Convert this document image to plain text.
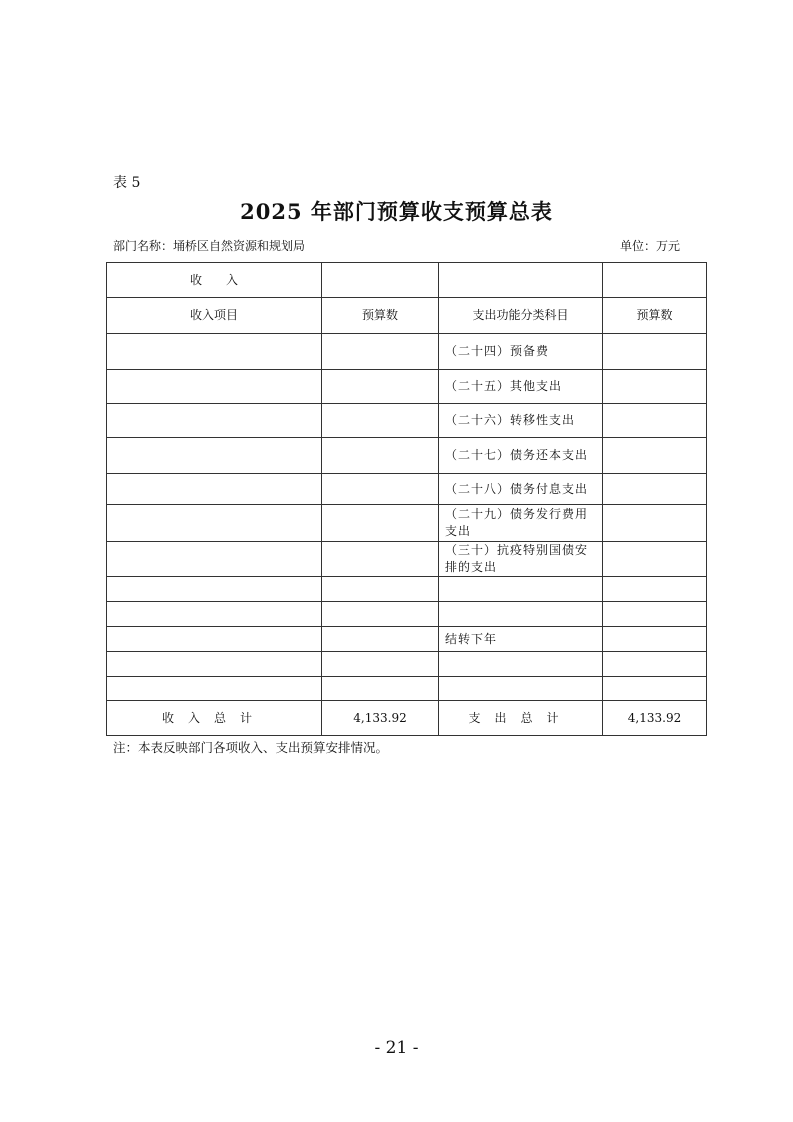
表 5
2025 年部门预算收支预算总表
部门名称：埇桥区自然资源和规划局	单位：万元
收　　入			
收入项目	预算数	支出功能分类科目	预算数
		（二十四）预备费	
		（二十五）其他支出	
		（二十六）转移性支出	
		（二十七）债务还本支出	
		（二十八）债务付息支出	
		（二十九）债务发行费用支出	
		（三十）抗疫特别国债安排的支出	

		结转下年	

收入总计	4,133.92	支出总计	4,133.92
注：本表反映部门各项收入、支出预算安排情况。
- 21 -
